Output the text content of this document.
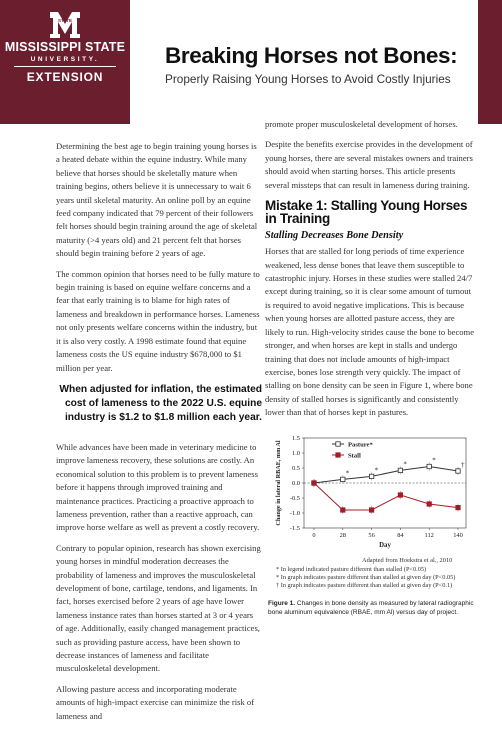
STATE
MISSISSIPPI STATE
UNIVERSITY.
EXTENSION
Breaking Horses not Bones:
Properly Raising Young Horses to Avoid Costly Injuries

Determining the best age to begin training young horses is a heated debate within the equine industry. While many believe that horses should be skeletally mature when training begins, others believe it is unnecessary to wait 6 years until skeletal maturity. An online poll by an equine feed company indicated that 79 percent of their followers felt horses should begin training around the age of skeletal maturity (>4 years old) and 21 percent felt that horses should begin training before 2 years of age.

The common opinion that horses need to be fully mature to begin training is based on equine welfare concerns and a fear that early training is to blame for high rates of lameness and breakdown in performance horses. Lameness not only presents welfare concerns within the industry, but it is also very costly. A 1998 estimate found that equine lameness costs the US equine industry $678,000 to $1 million per year.

When adjusted for inflation, the estimated cost of lameness to the 2022 U.S. equine industry is $1.2 to $1.8 million each year.

While advances have been made in veterinary medicine to improve lameness recovery, these solutions are costly. An economical solution to this problem is to prevent lameness before it happens through improved training and maintenance practices. Practicing a proactive approach to lameness prevention, rather than a reactive approach, can improve horse welfare as well as prevent a costly recovery.

Contrary to popular opinion, research has shown exercising young horses in mindful moderation decreases the probability of lameness and improves the musculoskeletal development of bone, cartilage, tendons, and ligaments. In fact, horses exercised before 2 years of age have lower lameness instance rates than horses started at 3 or 4 years of age. Additionally, easily changed management practices, such as providing pasture access, have been shown to decrease instances of lameness and facilitate musculoskeletal development.

Allowing pasture access and incorporating moderate amounts of high-impact exercise can minimize the risk of lameness and

promote proper musculoskeletal development of horses.

Despite the benefits exercise provides in the development of young horses, there are several mistakes owners and trainers should avoid when starting horses. This article presents several missteps that can result in lameness during training.

Mistake 1: Stalling Young Horses in Training
Stalling Decreases Bone Density

Horses that are stalled for long periods of time experience weakened, less dense bones that leave them susceptible to catastrophic injury. Horses in these studies were stalled 24/7 except during training, so it is clear some amount of turnout is required to avoid negative implications. This is because when young horses are allotted pasture access, they are likely to run. High-velocity strides cause the bone to become stronger, and when horses are kept in stalls and undergo training that does not include amounts of high-impact exercise, bones lose strength very quickly. The impact of stalling on bone density can be seen in Figure 1, where bone density of stalled horses is significantly and consistently lower than that of horses kept in pastures.

1.5
1.0
0.5
0.0
-0.5
-1.0
-1.5
0	28	56	84	112	140
Day
Change in lateral RBAE, mm Al	*	*
*	*
†
Pasture*
Stall
Adapted from Hoekstra et al., 2010
* In legend indicated pasture different than stalled (P<0.05)
* In graph indicates pasture different than stalled at given day (P<0.05)
† In graph indicates pasture different than stalled at given day (P<0.1)
Figure 1. Changes in bone density as measured by lateral radiographic bone aluminum equivalence (RBAE, mm Al) versus day of project.
